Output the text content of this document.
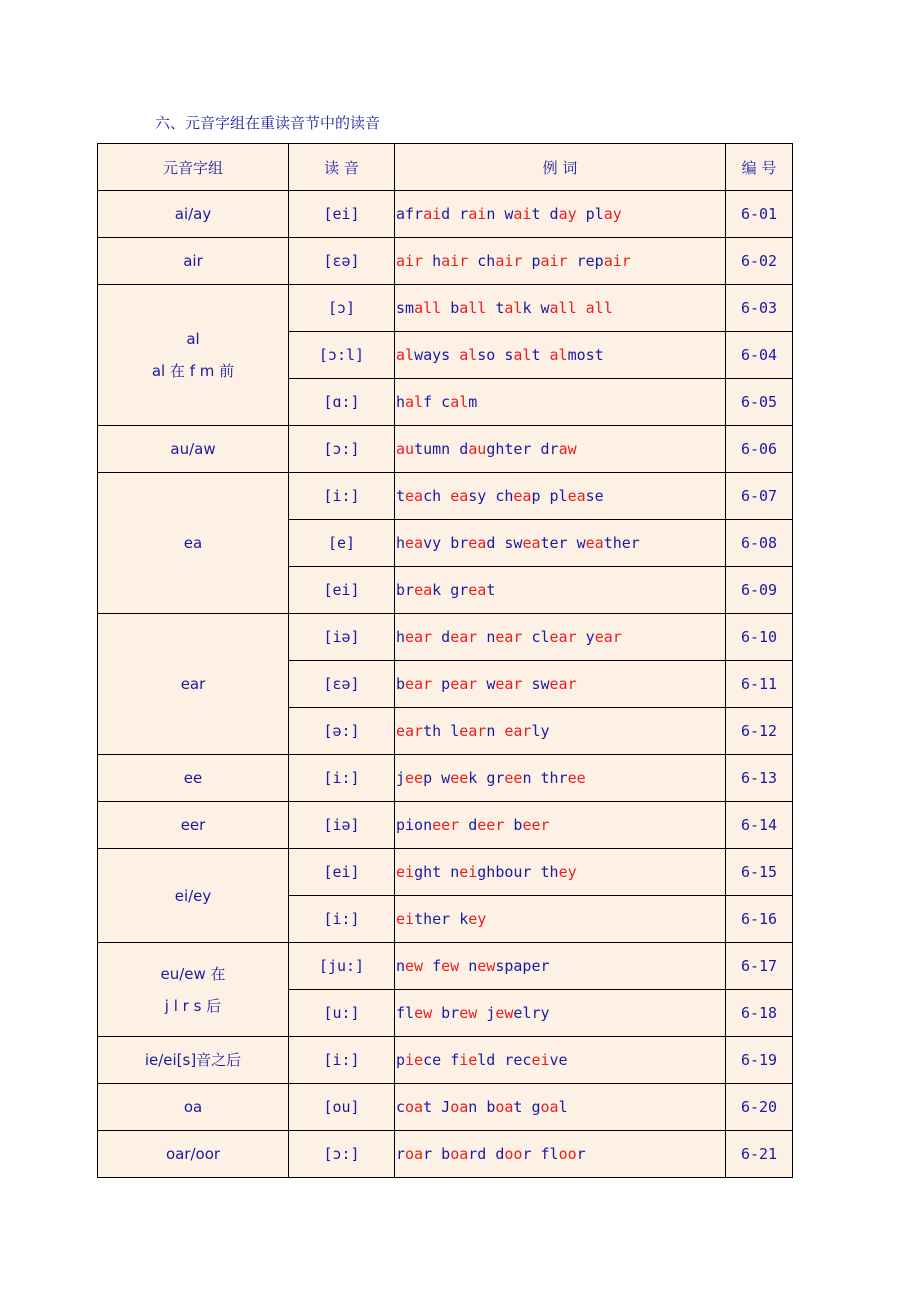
六、元音字组在重读音节中的读音
元音字组	读 音	例 词	编 号

ai/ay	[ei]	afraid rain wait day play	6-01

air	[ɛə]	air hair chair pair repair	6-02

al
al 在 f m 前	[ɔ]	small ball talk wall all	6-03
	[ɔ:l]	always also salt almost	6-04
	[ɑ:]	half calm	6-05

au/aw	[ɔ:]	autumn daughter draw	6-06

ea	[i:]	teach easy cheap please	6-07
	[e]	heavy bread sweater weather	6-08
	[ei]	break great	6-09

ear	[iə]	hear dear near clear year	6-10
	[ɛə]	bear pear wear swear	6-11
	[ə:]	earth learn early	6-12

ee	[i:]	jeep week green three	6-13

eer	[iə]	pioneer deer beer	6-14

ei/ey	[ei]	eight neighbour they	6-15
	[i:]	either key	6-16

eu/ew 在
j l r s 后	[ju:]	new few newspaper	6-17
	[u:]	flew brew jewelry	6-18

ie/ei[s]音之后	[i:]	piece field receive	6-19

oa	[ou]	coat Joan boat goal	6-20

oar/oor	[ɔ:]	roar board door floor	6-21
